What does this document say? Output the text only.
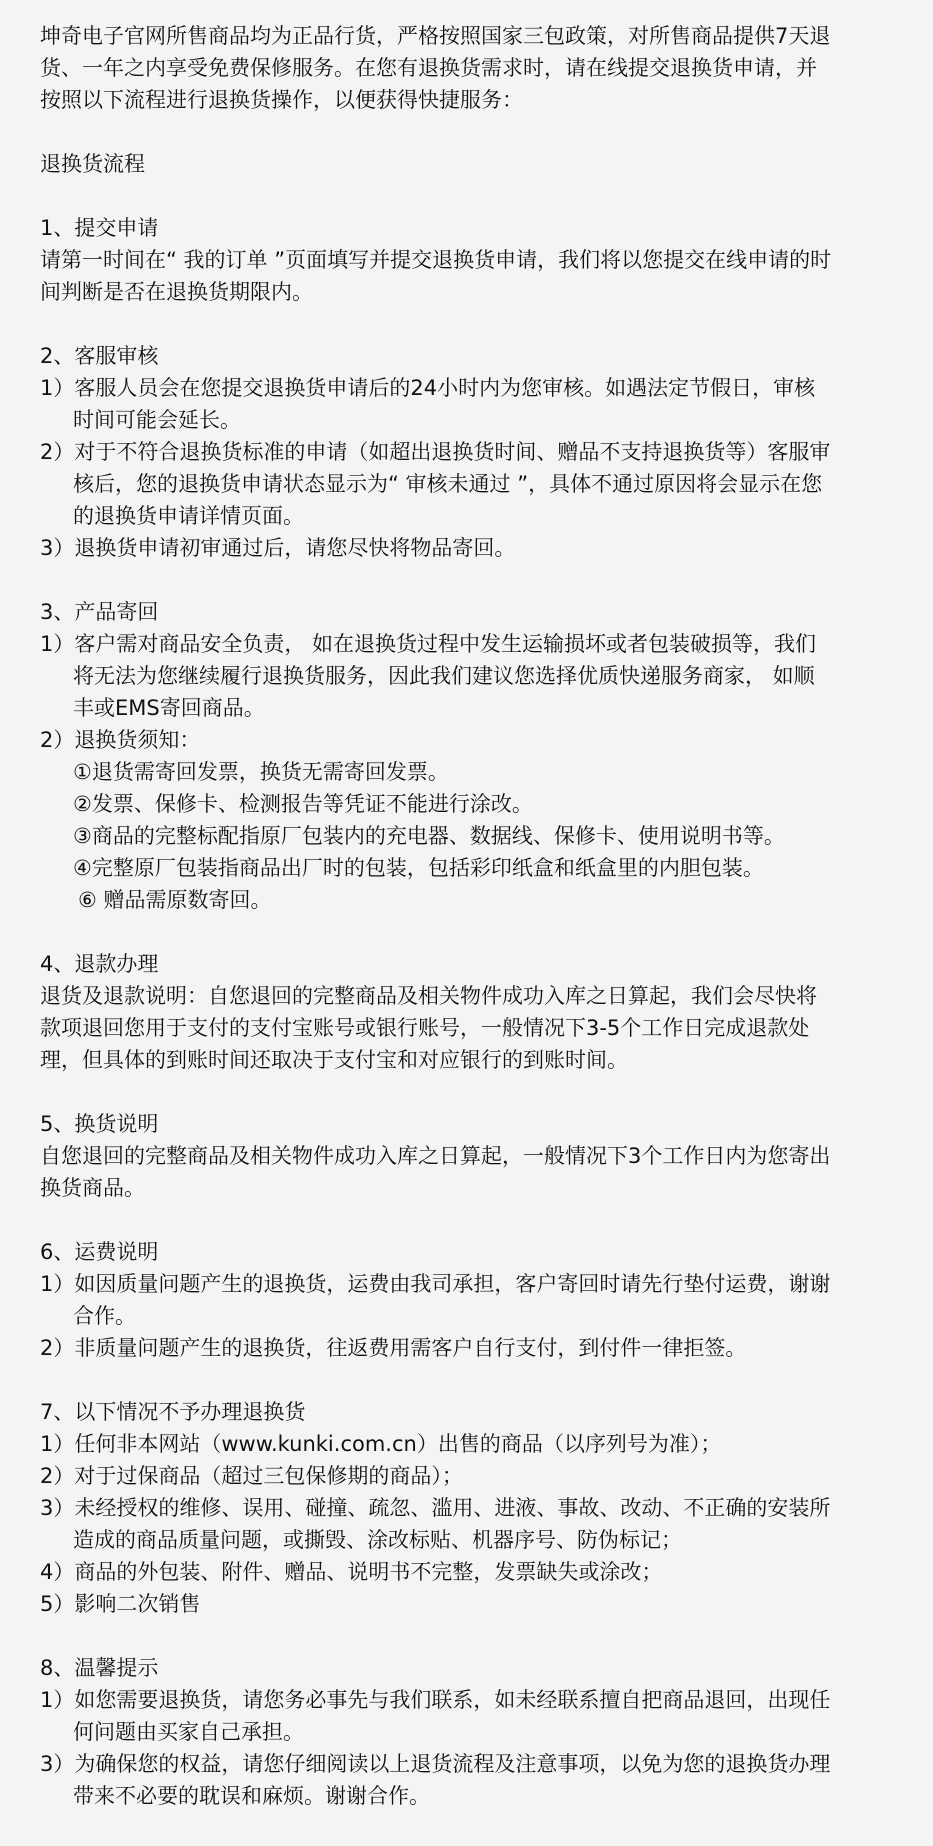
坤奇电子官网所售商品均为正品行货，严格按照国家三包政策，对所售商品提供7天退货、一年之内享受免费保修服务。在您有退换货需求时，请在线提交退换货申请，并按照以下流程进行退换货操作，以便获得快捷服务：

退换货流程

1、提交申请

请第一时间在“ 我的订单 ”页面填写并提交退换货申请，我们将以您提交在线申请的时间判断是否在退换货期限内。

2、客服审核

1）客服人员会在您提交退换货申请后的24小时内为您审核。如遇法定节假日，审核时间可能会延长。

2）对于不符合退换货标准的申请（如超出退换货时间、赠品不支持退换货等）客服审核后，您的退换货申请状态显示为“ 审核未通过 ”，具体不通过原因将会显示在您的退换货申请详情页面。

3）退换货申请初审通过后，请您尽快将物品寄回。

3、产品寄回

1）客户需对商品安全负责， 如在退换货过程中发生运输损坏或者包装破损等，我们将无法为您继续履行退换货服务，因此我们建议您选择优质快递服务商家， 如顺丰或EMS寄回商品。

2）退换货须知：

①退货需寄回发票，换货无需寄回发票。

②发票、保修卡、检测报告等凭证不能进行涂改。

③商品的完整标配指原厂包装内的充电器、数据线、保修卡、使用说明书等。

④完整原厂包装指商品出厂时的包装，包括彩印纸盒和纸盒里的内胆包装。

⑥ 赠品需原数寄回。

4、退款办理

退货及退款说明：自您退回的完整商品及相关物件成功入库之日算起，我们会尽快将款项退回您用于支付的支付宝账号或银行账号，一般情况下3-5个工作日完成退款处理，但具体的到账时间还取决于支付宝和对应银行的到账时间。

5、换货说明

自您退回的完整商品及相关物件成功入库之日算起，一般情况下3个工作日内为您寄出换货商品。

6、运费说明

1）如因质量问题产生的退换货，运费由我司承担，客户寄回时请先行垫付运费，谢谢合作。

2）非质量问题产生的退换货，往返费用需客户自行支付，到付件一律拒签。

7、以下情况不予办理退换货

1）任何非本网站（www.kunki.com.cn）出售的商品（以序列号为准）；

2）对于过保商品（超过三包保修期的商品）；

3）未经授权的维修、误用、碰撞、疏忽、滥用、进液、事故、改动、不正确的安装所造成的商品质量问题，或撕毁、涂改标贴、机器序号、防伪标记；

4）商品的外包装、附件、赠品、说明书不完整，发票缺失或涂改；

5）影响二次销售

8、温馨提示

1）如您需要退换货，请您务必事先与我们联系，如未经联系擅自把商品退回，出现任何问题由买家自己承担。

3）为确保您的权益，请您仔细阅读以上退货流程及注意事项，以免为您的退换货办理带来不必要的耽误和麻烦。谢谢合作。
